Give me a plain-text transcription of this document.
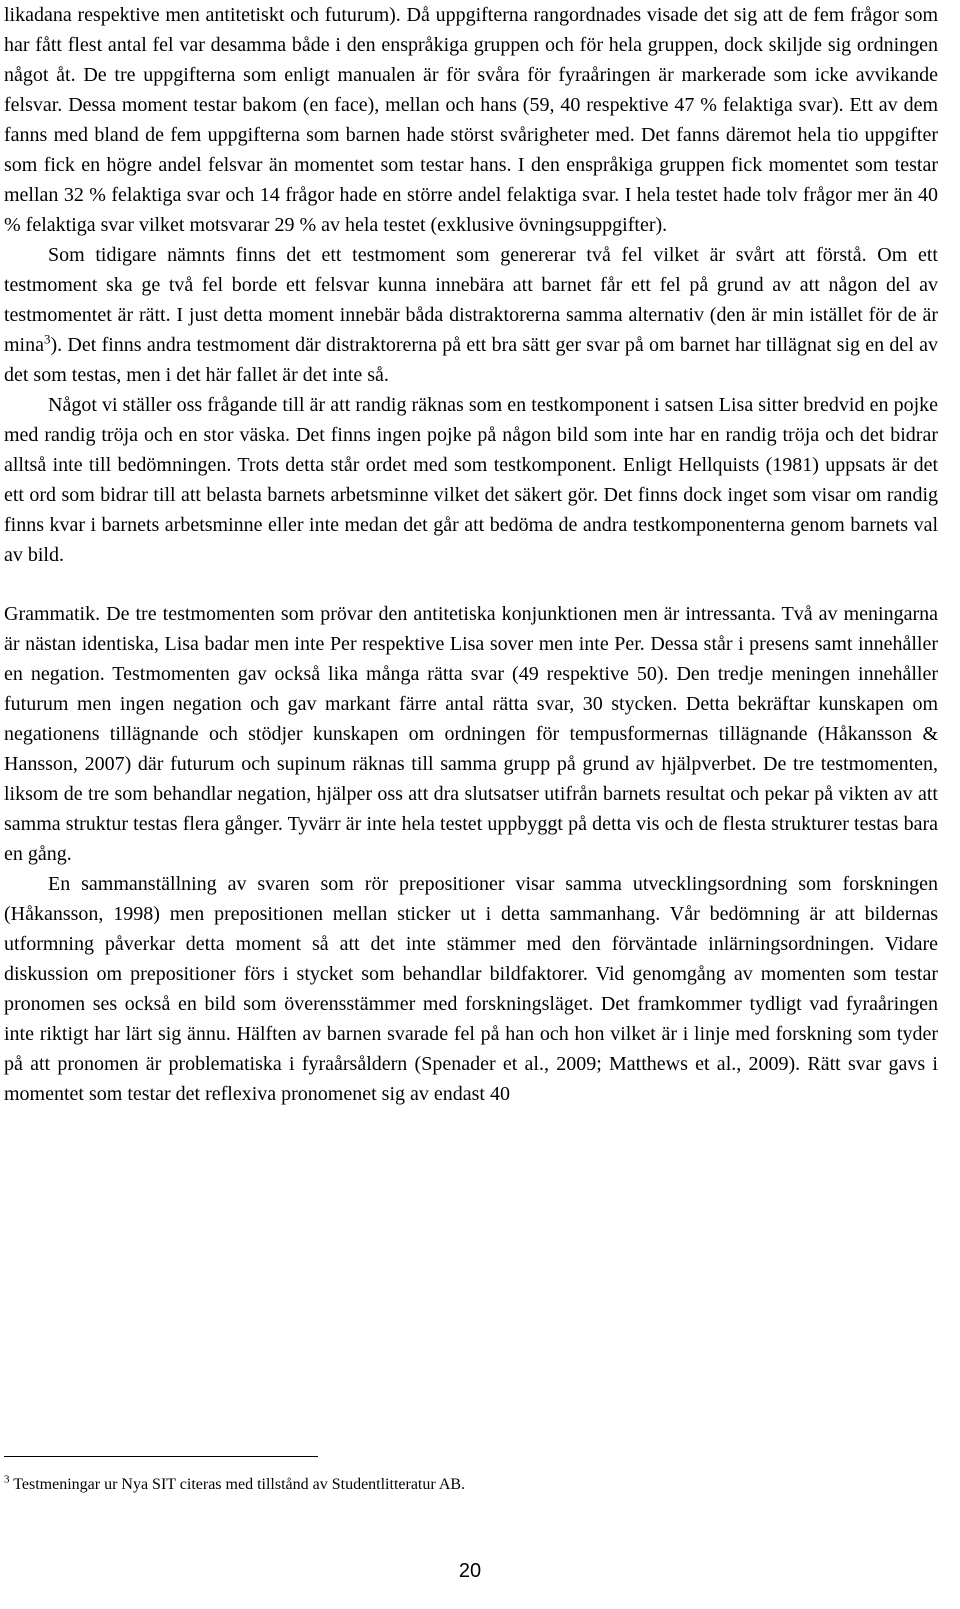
likadana respektive men antitetiskt och futurum). Då uppgifterna rangordnades visade det sig att de fem frågor som har fått flest antal fel var desamma både i den enspråkiga gruppen och för hela gruppen, dock skiljde sig ordningen något åt. De tre uppgifterna som enligt manualen är för svåra för fyraåringen är markerade som icke avvikande felsvar. Dessa moment testar bakom (en face), mellan och hans (59, 40 respektive 47 % felaktiga svar). Ett av dem fanns med bland de fem uppgifterna som barnen hade störst svårigheter med. Det fanns däremot hela tio uppgifter som fick en högre andel felsvar än momentet som testar hans. I den enspråkiga gruppen fick momentet som testar mellan 32 % felaktiga svar och 14 frågor hade en större andel felaktiga svar. I hela testet hade tolv frågor mer än 40 % felaktiga svar vilket motsvarar 29 % av hela testet (exklusive övningsuppgifter).

Som tidigare nämnts finns det ett testmoment som genererar två fel vilket är svårt att förstå. Om ett testmoment ska ge två fel borde ett felsvar kunna innebära att barnet får ett fel på grund av att någon del av testmomentet är rätt. I just detta moment innebär båda distraktorerna samma alternativ (den är min istället för de är mina$^3$). Det finns andra testmoment där distraktorerna på ett bra sätt ger svar på om barnet har tillägnat sig en del av det som testas, men i det här fallet är det inte så.

Något vi ställer oss frågande till är att randig räknas som en testkomponent i satsen Lisa sitter bredvid en pojke med randig tröja och en stor väska. Det finns ingen pojke på någon bild som inte har en randig tröja och det bidrar alltså inte till bedömningen. Trots detta står ordet med som testkomponent. Enligt Hellquists (1981) uppsats är det ett ord som bidrar till att belasta barnets arbetsminne vilket det säkert gör. Det finns dock inget som visar om randig finns kvar i barnets arbetsminne eller inte medan det går att bedöma de andra testkomponenterna genom barnets val av bild.

Grammatik. De tre testmomenten som prövar den antitetiska konjunktionen men är intressanta. Två av meningarna är nästan identiska, Lisa badar men inte Per respektive Lisa sover men inte Per. Dessa står i presens samt innehåller en negation. Testmomenten gav också lika många rätta svar (49 respektive 50). Den tredje meningen innehåller futurum men ingen negation och gav markant färre antal rätta svar, 30 stycken. Detta bekräftar kunskapen om negationens tillägnande och stödjer kunskapen om ordningen för tempusformernas tillägnande (Håkansson & Hansson, 2007) där futurum och supinum räknas till samma grupp på grund av hjälpverbet. De tre testmomenten, liksom de tre som behandlar negation, hjälper oss att dra slutsatser utifrån barnets resultat och pekar på vikten av att samma struktur testas flera gånger. Tyvärr är inte hela testet uppbyggt på detta vis och de flesta strukturer testas bara en gång.

En sammanställning av svaren som rör prepositioner visar samma utvecklingsordning som forskningen (Håkansson, 1998) men prepositionen mellan sticker ut i detta sammanhang. Vår bedömning är att bildernas utformning påverkar detta moment så att det inte stämmer med den förväntade inlärningsordningen. Vidare diskussion om prepositioner förs i stycket som behandlar bildfaktorer. Vid genomgång av momenten som testar pronomen ses också en bild som överensstämmer med forskningsläget. Det framkommer tydligt vad fyraåringen inte riktigt har lärt sig ännu. Hälften av barnen svarade fel på han och hon vilket är i linje med forskning som tyder på att pronomen är problematiska i fyraårsåldern (Spenader et al., 2009; Matthews et al., 2009). Rätt svar gavs i momentet som testar det reflexiva pronomenet sig av endast 40

$^3$ Testmeningar ur Nya SIT citeras med tillstånd av Studentlitteratur AB.
20
